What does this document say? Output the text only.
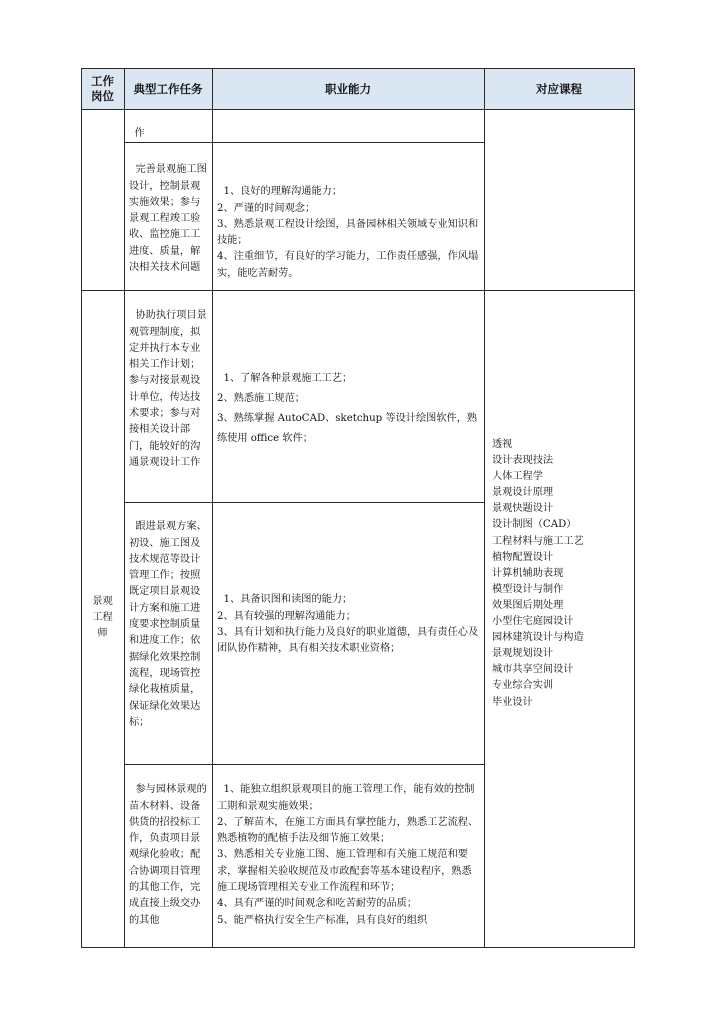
工作岗位
典型工作任务	职业能力	对应课程

作

完善景观施工图设计，控制景观实施效果；参与景观工程竣工验收、监控施工工进度、质量，解决相关技术问题

1、良好的理解沟通能力；
2、严谨的时间观念；
3、熟悉景观工程设计绘图，具备园林相关领域专业知识和技能；
4、注重细节，有良好的学习能力，工作责任感强，作风塌实，能吃苦耐劳。

景观工程师

协助执行项目景观管理制度，拟定并执行本专业相关工作计划；参与对接景观设计单位，传达技术要求；参与对接相关设计部门，能较好的沟通景观设计工作

1、了解各种景观施工工艺；
2、熟悉施工规范；
3、熟练掌握 AutoCAD、sketchup 等设计绘图软件，熟练使用 office 软件；

跟进景观方案、初设、施工图及技术规范等设计管理工作；按照既定项目景观设计方案和施工进度要求控制质量和进度工作；依据绿化效果控制流程，现场管控绿化栽植质量，保证绿化效果达标；

1、具备识图和读图的能力；
2、具有较强的理解沟通能力；
3、具有计划和执行能力及良好的职业道德，具有责任心及团队协作精神，具有相关技术职业资格；

参与园林景观的苗木材料、设备供货的招投标工作，负责项目景观绿化验收；配合协调项目管理的其他工作，完成直接上级交办的其他

1、能独立组织景观项目的施工管理工作，能有效的控制工期和景观实施效果；
2、了解苗木，在施工方面具有掌控能力，熟悉工艺流程、熟悉植物的配植手法及细节施工效果；
3、熟悉相关专业施工图、施工管理和有关施工规范和要求，掌握相关验收规范及市政配套等基本建设程序，熟悉施工现场管理相关专业工作流程和环节；
4、具有严谨的时间观念和吃苦耐劳的品质；
5、能严格执行安全生产标准，具有良好的组织

透视
设计表现技法
人体工程学
景观设计原理
景观快题设计
设计制图（CAD）
工程材料与施工工艺
植物配置设计
计算机辅助表现
模型设计与制作
效果图后期处理
小型住宅庭园设计
园林建筑设计与构造
景观规划设计
城市共享空间设计
专业综合实训
毕业设计
